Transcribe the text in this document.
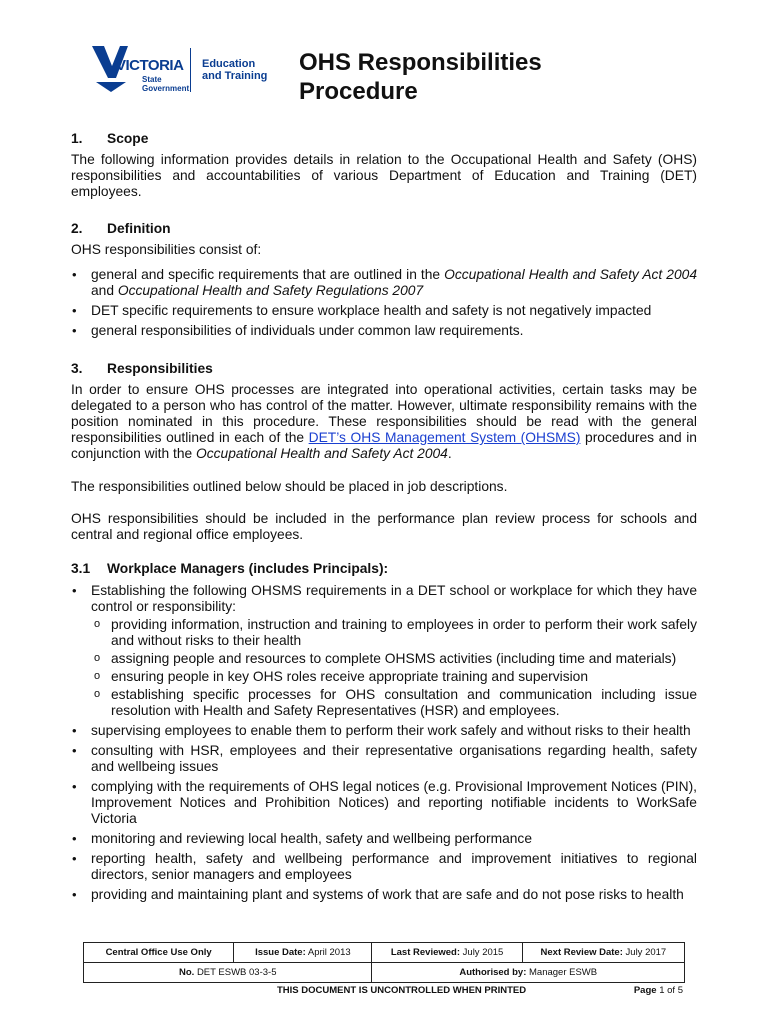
VICTORIA
State
Government
Education
and Training OHS Responsibilities
Procedure

1. Scope

The following information provides details in relation to the Occupational Health and Safety (OHS) responsibilities and accountabilities of various Department of Education and Training (DET) employees.

2. Definition

OHS responsibilities consist of:

• general and specific requirements that are outlined in the Occupational Health and Safety Act 2004 and Occupational Health and Safety Regulations 2007
• DET specific requirements to ensure workplace health and safety is not negatively impacted
• general responsibilities of individuals under common law requirements.

3. Responsibilities

In order to ensure OHS processes are integrated into operational activities, certain tasks may be delegated to a person who has control of the matter. However, ultimate responsibility remains with the position nominated in this procedure. These responsibilities should be read with the general responsibilities outlined in each of the DET’s OHS Management System (OHSMS) procedures and in conjunction with the Occupational Health and Safety Act 2004.

The responsibilities outlined below should be placed in job descriptions.

OHS responsibilities should be included in the performance plan review process for schools and central and regional office employees.

3.1 Workplace Managers (includes Principals):

• Establishing the following OHSMS requirements in a DET school or workplace for which they have control or responsibility:
o providing information, instruction and training to employees in order to perform their work safely and without risks to their health
o assigning people and resources to complete OHSMS activities (including time and materials)
o ensuring people in key OHS roles receive appropriate training and supervision
o establishing specific processes for OHS consultation and communication including issue resolution with Health and Safety Representatives (HSR) and employees.
• supervising employees to enable them to perform their work safely and without risks to their health
• consulting with HSR, employees and their representative organisations regarding health, safety and wellbeing issues
• complying with the requirements of OHS legal notices (e.g. Provisional Improvement Notices (PIN), Improvement Notices and Prohibition Notices) and reporting notifiable incidents to WorkSafe Victoria
• monitoring and reviewing local health, safety and wellbeing performance
• reporting health, safety and wellbeing performance and improvement initiatives to regional directors, senior managers and employees
• providing and maintaining plant and systems of work that are safe and do not pose risks to health
Central Office Use Only	Issue Date: April 2013	Last Reviewed: July 2015	Next Review Date: July 2017
No. DET ESWB 03-3-5		Authorised by: Manager ESWB	
THIS DOCUMENT IS UNCONTROLLED WHEN PRINTED	Page 1 of 5
